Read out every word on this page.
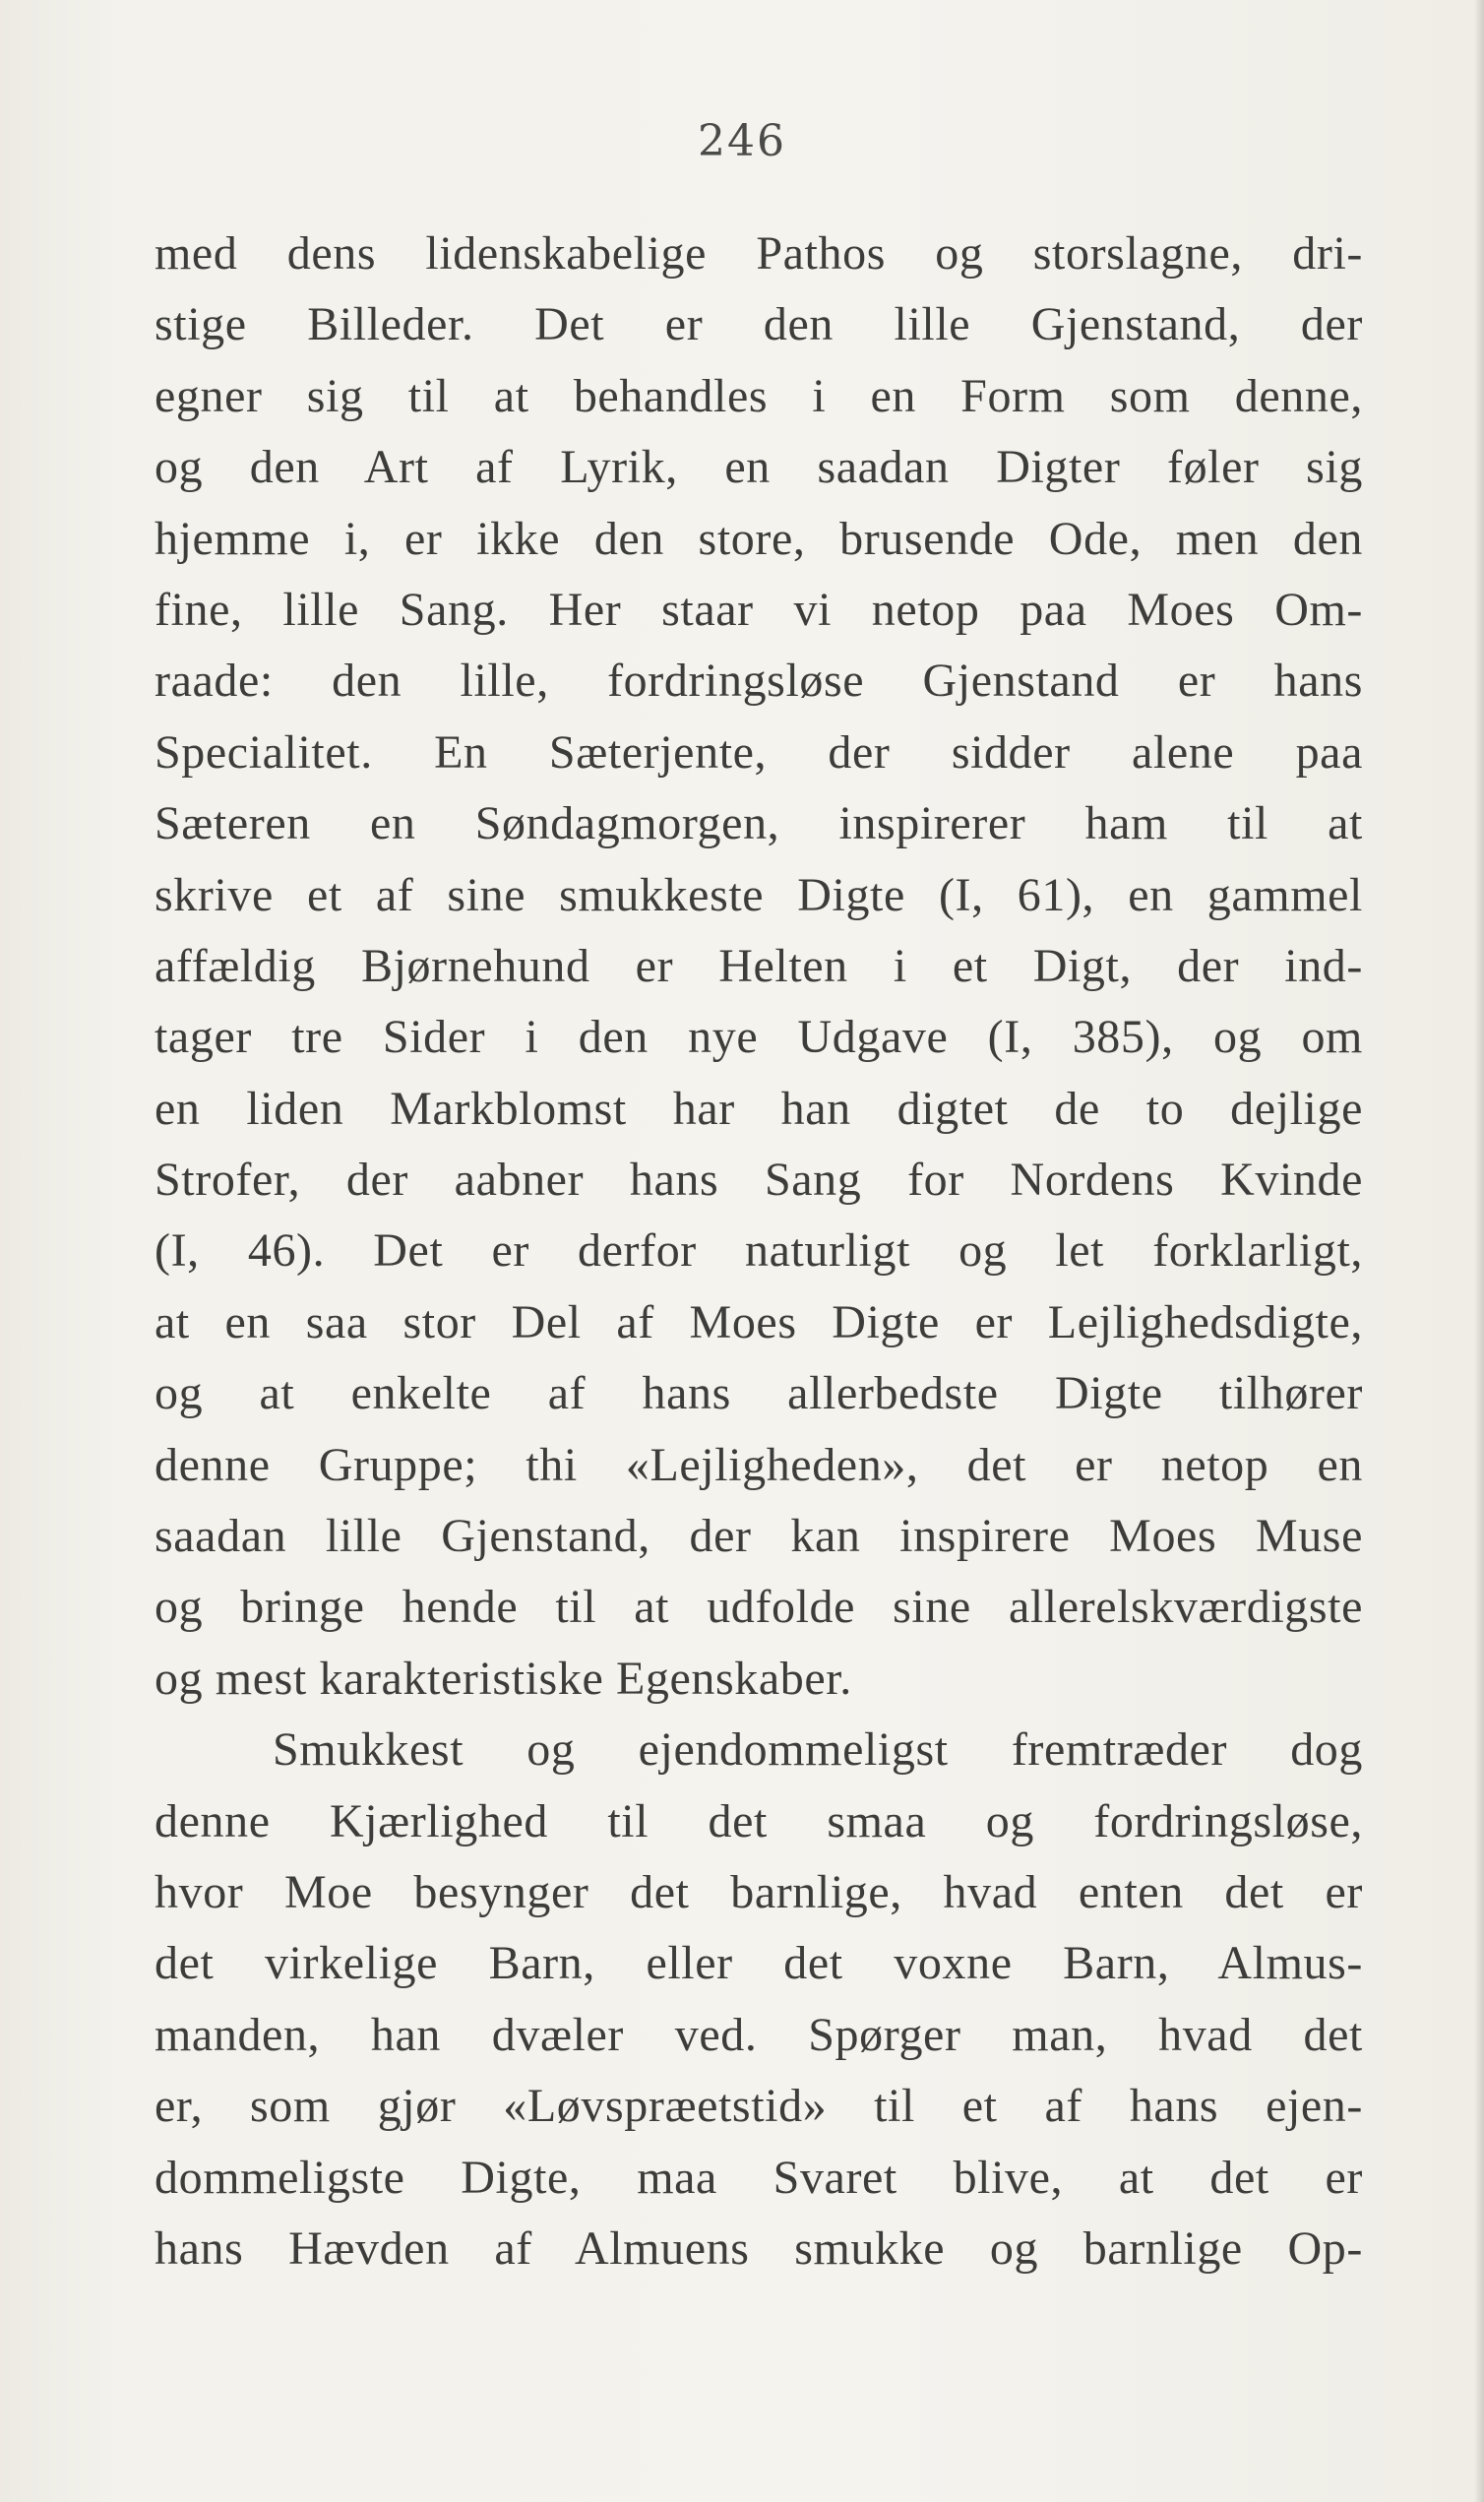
246
med dens lidenskabelige Pathos og storslagne, dri-
stige Billeder. Det er den lille Gjenstand, der
egner sig til at behandles i en Form som denne,
og den Art af Lyrik, en saadan Digter føler sig
hjemme i, er ikke den store, brusende Ode, men den
fine, lille Sang. Her staar vi netop paa Moes Om-
raade: den lille, fordringsløse Gjenstand er hans
Specialitet. En Sæterjente, der sidder alene paa
Sæteren en Søndagmorgen, inspirerer ham til at
skrive et af sine smukkeste Digte (I, 61), en gammel
affældig Bjørnehund er Helten i et Digt, der ind-
tager tre Sider i den nye Udgave (I, 385), og om
en liden Markblomst har han digtet de to dejlige
Strofer, der aabner hans Sang for Nordens Kvinde
(I, 46). Det er derfor naturligt og let forklarligt,
at en saa stor Del af Moes Digte er Lejlighedsdigte,
og at enkelte af hans allerbedste Digte tilhører
denne Gruppe; thi «Lejligheden», det er netop en
saadan lille Gjenstand, der kan inspirere Moes Muse
og bringe hende til at udfolde sine allerelskværdigste
og mest karakteristiske Egenskaber.
Smukkest og ejendommeligst fremtræder dog
denne Kjærlighed til det smaa og fordringsløse,
hvor Moe besynger det barnlige, hvad enten det er
det virkelige Barn, eller det voxne Barn, Almus-
manden, han dvæler ved. Spørger man, hvad det
er, som gjør «Løvspræetstid» til et af hans ejen-
dommeligste Digte, maa Svaret blive, at det er
hans Hævden af Almuens smukke og barnlige Op-
